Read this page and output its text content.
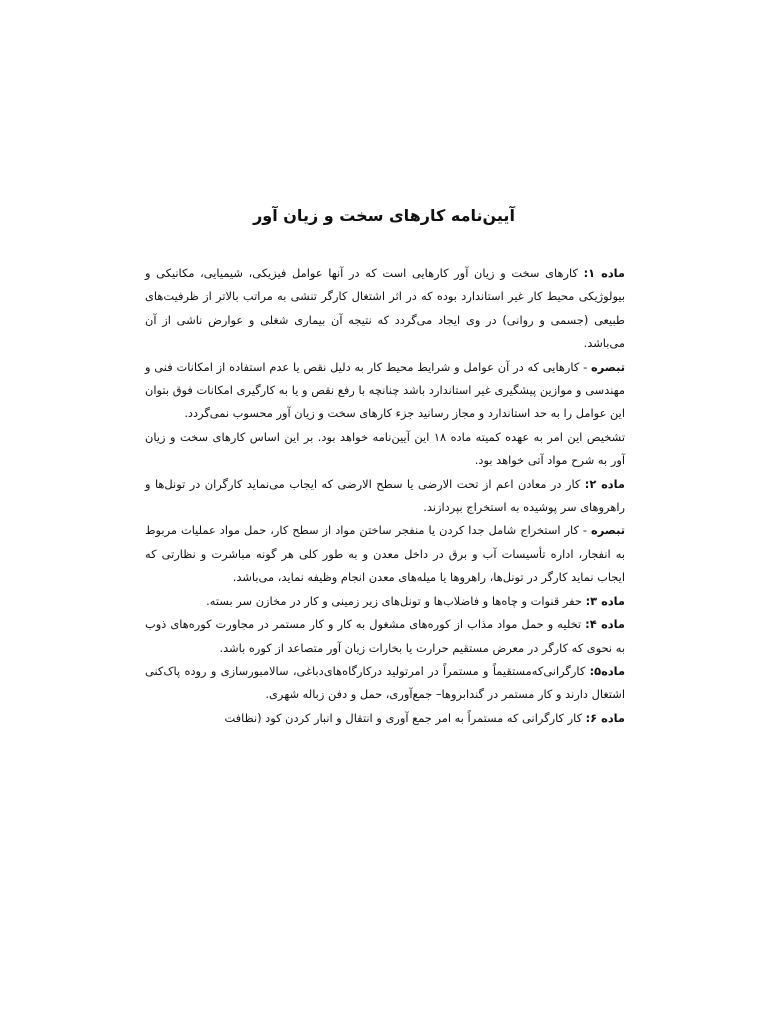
آیین‌نامه کارهای سخت و زیان آور

ماده ۱: کارهای سخت و زیان آور کارهایی است که در آنها عوامل فیزیکی، شیمیایی، مکانیکی و بیولوژیکی محیط کار غیر استاندارد بوده که در اثر اشتغال کارگر تنشی به مراتب بالاتر از ظرفیت‌های طبیعی (جسمی و روانی) در وی ایجاد می‌گردد که نتیجه آن بیماری شغلی و عوارض ناشی از آن می‌باشد.

تبصره - کارهایی که در آن عوامل و شرایط محیط کار به دلیل نقص یا عدم استفاده از امکانات فنی و مهندسی و موازین پیشگیری غیر استاندارد باشد چنانچه با رفع نقص و یا به کارگیری امکانات فوق بتوان این عوامل را به حد استاندارد و مجاز رسانید جزء کارهای سخت و زیان آور محسوب نمی‌گردد.

تشخیص این امر به عهده کمیته ماده ۱۸ این آیین‌نامه خواهد بود. بر این اساس کارهای سخت و زیان آور به شرح مواد آتی خواهد بود.

ماده ۲: کار در معادن اعم از تحت الارضی یا سطح الارضی که ایجاب می‌نماید کارگران در تونل‌ها و راهروهای سر پوشیده به استخراج بپردازند.

تبصره - کار استخراج شامل جدا کردن یا منفجر ساختن مواد از سطح کار، حمل مواد عملیات مربوط به انفجار، اداره تأسیسات آب و برق در داخل معدن و به طور کلی هر گونه مباشرت و نظارتی که ایجاب نماید کارگر در تونل‌ها، راهروها یا میله‌های معدن انجام وظیفه نماید، می‌باشد.

ماده ۳: حفر قنوات و چاه‌ها و فاضلاب‌ها و تونل‌های زیر زمینی و کار در مخازن سر بسته.

ماده ۴: تخلیه و حمل مواد مذاب از کوره‌های مشغول به کار و کار مستمر در مجاورت کوره‌های ذوب به نحوی که کارگر در معرض مستقیم حرارت یا بخارات زیان آور متصاعد از کوره باشد.

ماده۵: کارگرانی‌که‌مستقیماً و مستمراً در امرتولید درکارگاه‌های‌دباغی، سالامبورسازی و روده پاک‌کنی اشتغال دارند و کار مستمر در گندابروها– جمع‌آوری، حمل و دفن زباله شهری.

ماده ۶: کار کارگرانی که مستمراً به امر جمع آوری و انتقال و انبار کردن کود (نظافت
